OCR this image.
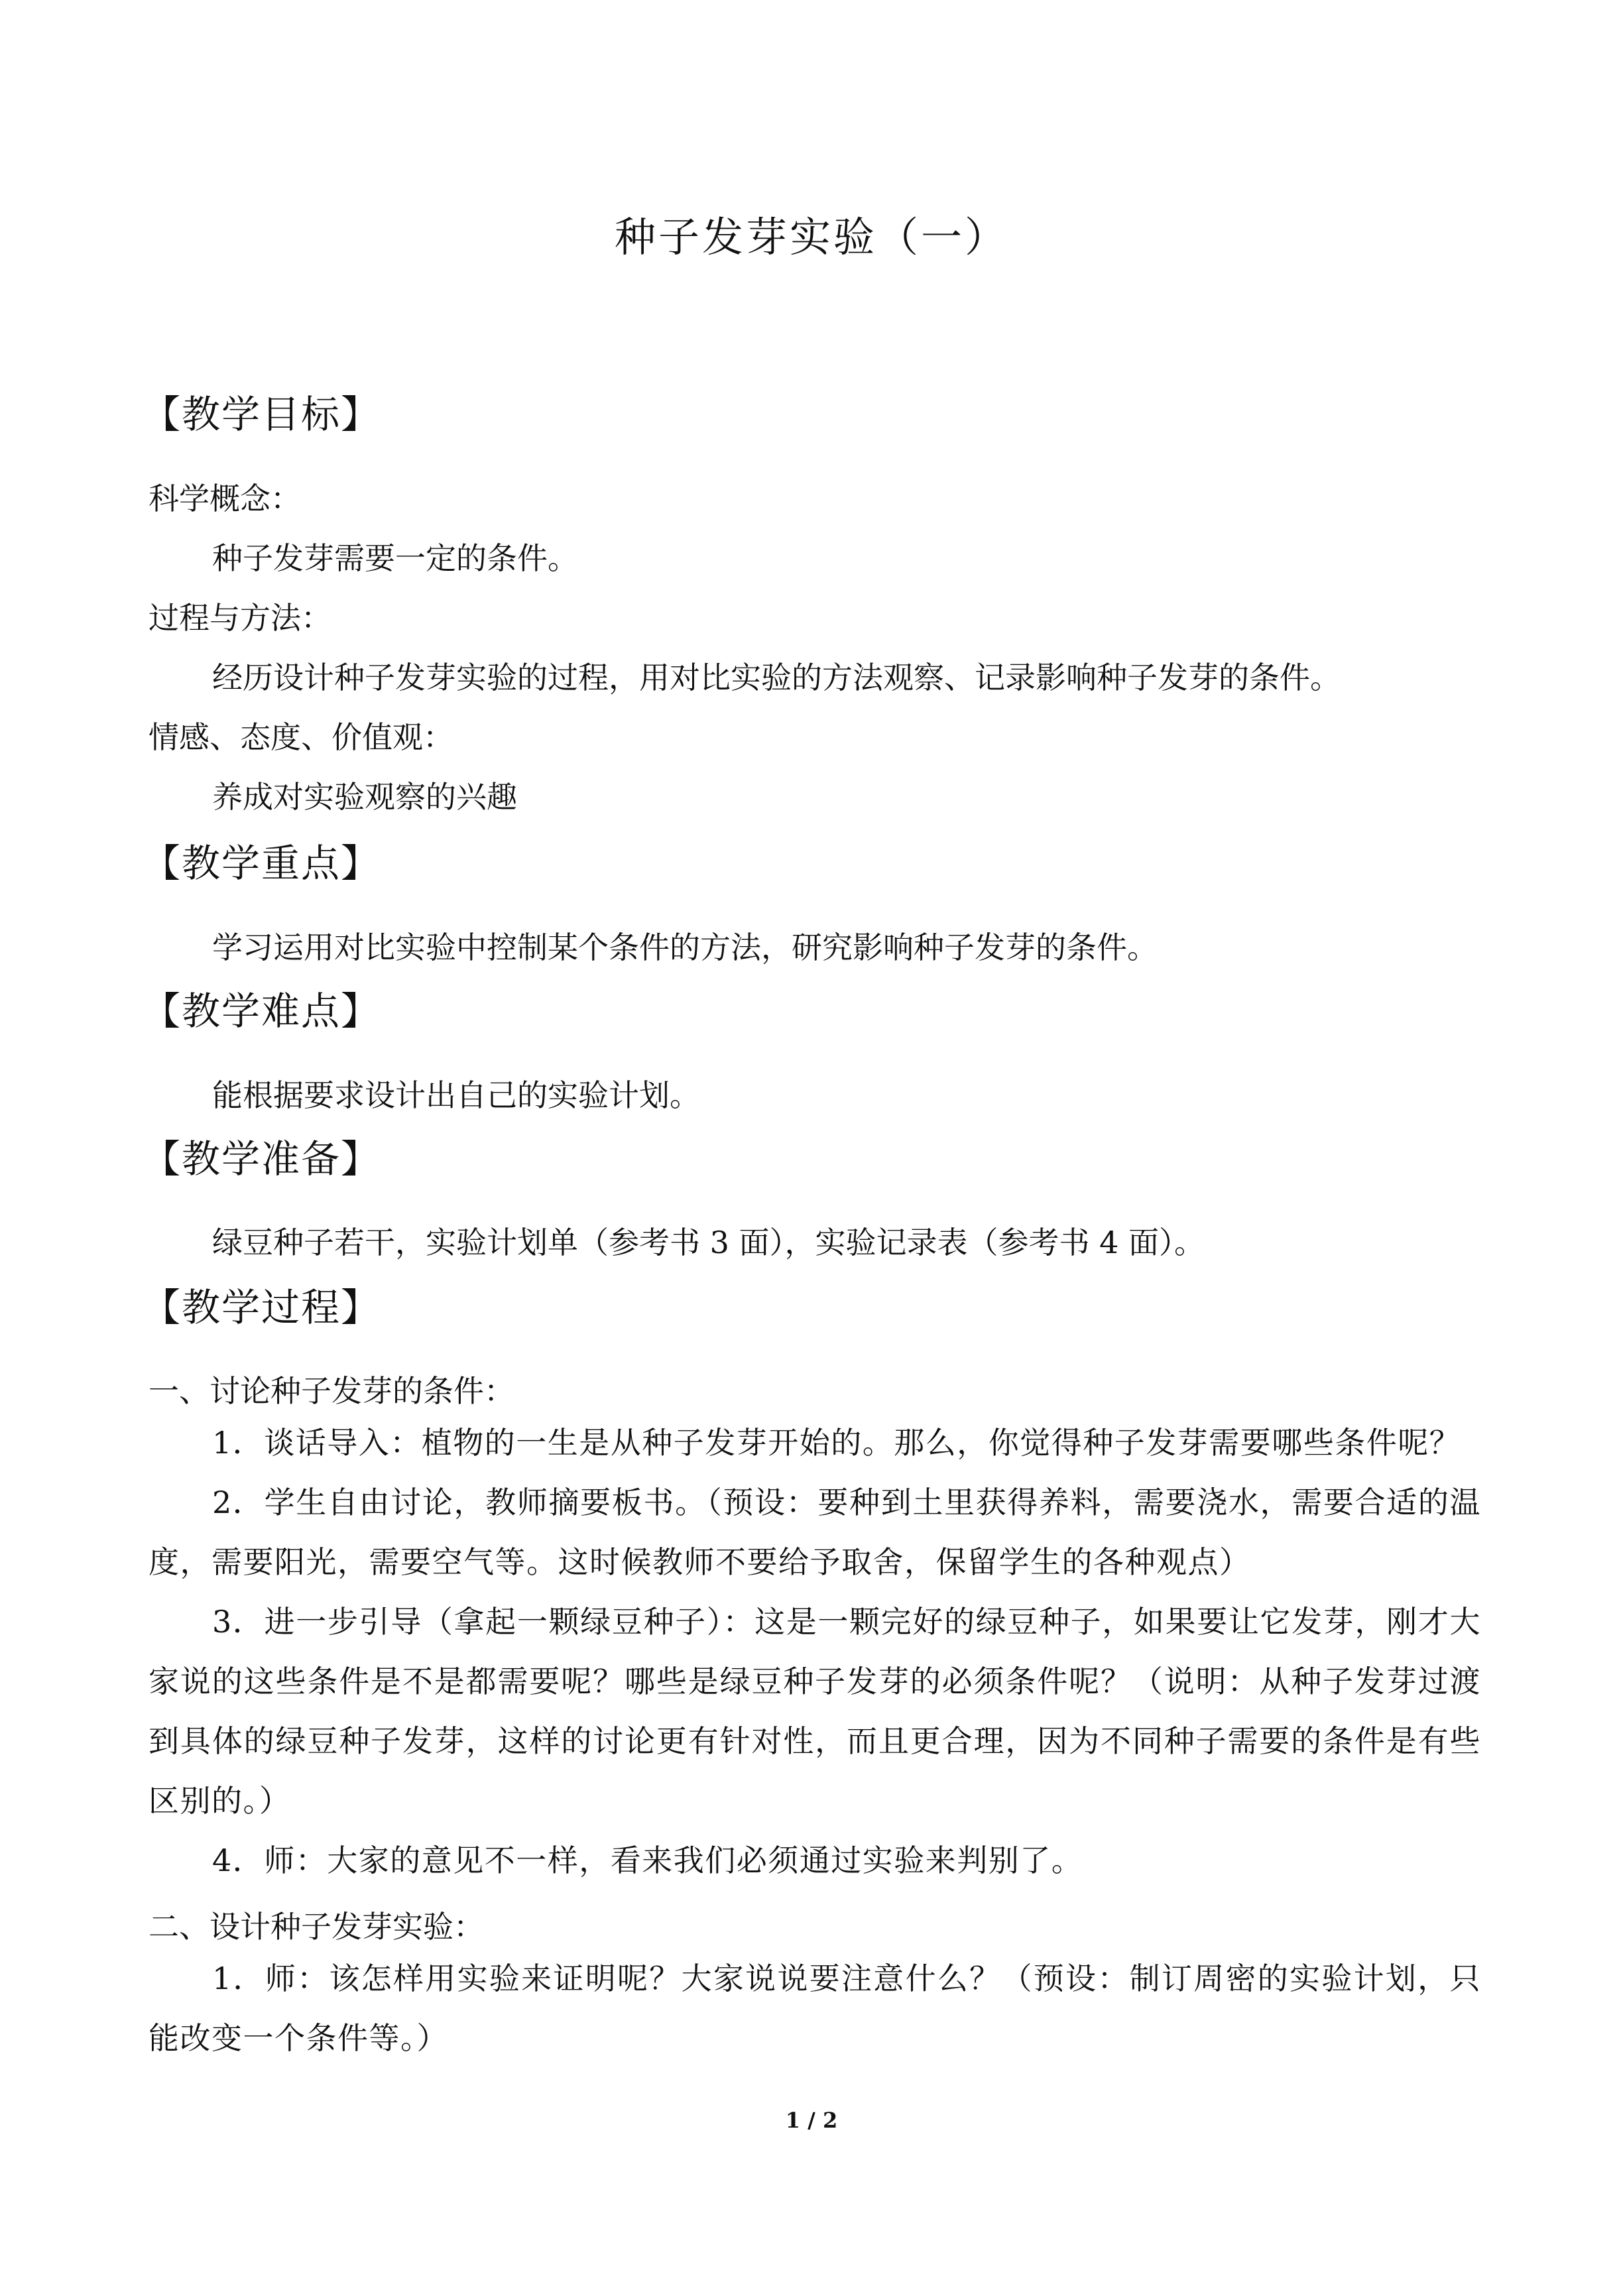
种子发芽实验（一）
【教学目标】
科学概念：
种子发芽需要一定的条件。
过程与方法：
经历设计种子发芽实验的过程，用对比实验的方法观察、记录影响种子发芽的条件。
情感、态度、价值观：
养成对实验观察的兴趣
【教学重点】
学习运用对比实验中控制某个条件的方法，研究影响种子发芽的条件。
【教学难点】
能根据要求设计出自己的实验计划。
【教学准备】
绿豆种子若干，实验计划单（参考书 3 面），实验记录表（参考书 4 面）。
【教学过程】
一、讨论种子发芽的条件：
1．谈话导入：植物的一生是从种子发芽开始的。那么，你觉得种子发芽需要哪些条件呢？
2．学生自由讨论，教师摘要板书。（预设：要种到土里获得养料，需要浇水，需要合适的温度，需要阳光，需要空气等。这时候教师不要给予取舍，保留学生的各种观点）
3．进一步引导（拿起一颗绿豆种子）：这是一颗完好的绿豆种子，如果要让它发芽，刚才大家说的这些条件是不是都需要呢？哪些是绿豆种子发芽的必须条件呢？（说明：从种子发芽过渡到具体的绿豆种子发芽，这样的讨论更有针对性，而且更合理，因为不同种子需要的条件是有些区别的。）
4．师：大家的意见不一样，看来我们必须通过实验来判别了。
二、设计种子发芽实验：
1．师：该怎样用实验来证明呢？大家说说要注意什么？（预设：制订周密的实验计划，只能改变一个条件等。）
1 / 2
